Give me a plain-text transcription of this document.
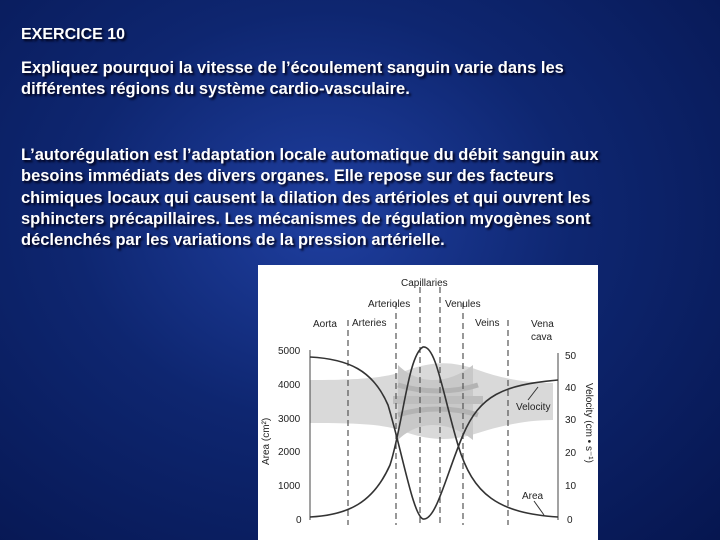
EXERCICE 10
Expliquez pourquoi la vitesse de l’écoulement sanguin varie dans les
différentes régions du système cardio-vasculaire.
L’autorégulation est l’adaptation locale automatique du débit sanguin aux
besoins immédiats des divers organes. Elle repose sur des facteurs
chimiques locaux qui causent la dilation des artérioles et qui ouvrent les
sphincters précapillaires. Les mécanismes de régulation myogènes sont
déclenchés par les variations de la pression artérielle.
Capillaries
Arterioles	Venules
Aorta Arteries	Veins	Vena
cava
5000
4000
3000
2000
1000
0
50
40
30
20
10
0
Area (cm²)	Velocity (cm • s⁻¹)
Velocity
Area
